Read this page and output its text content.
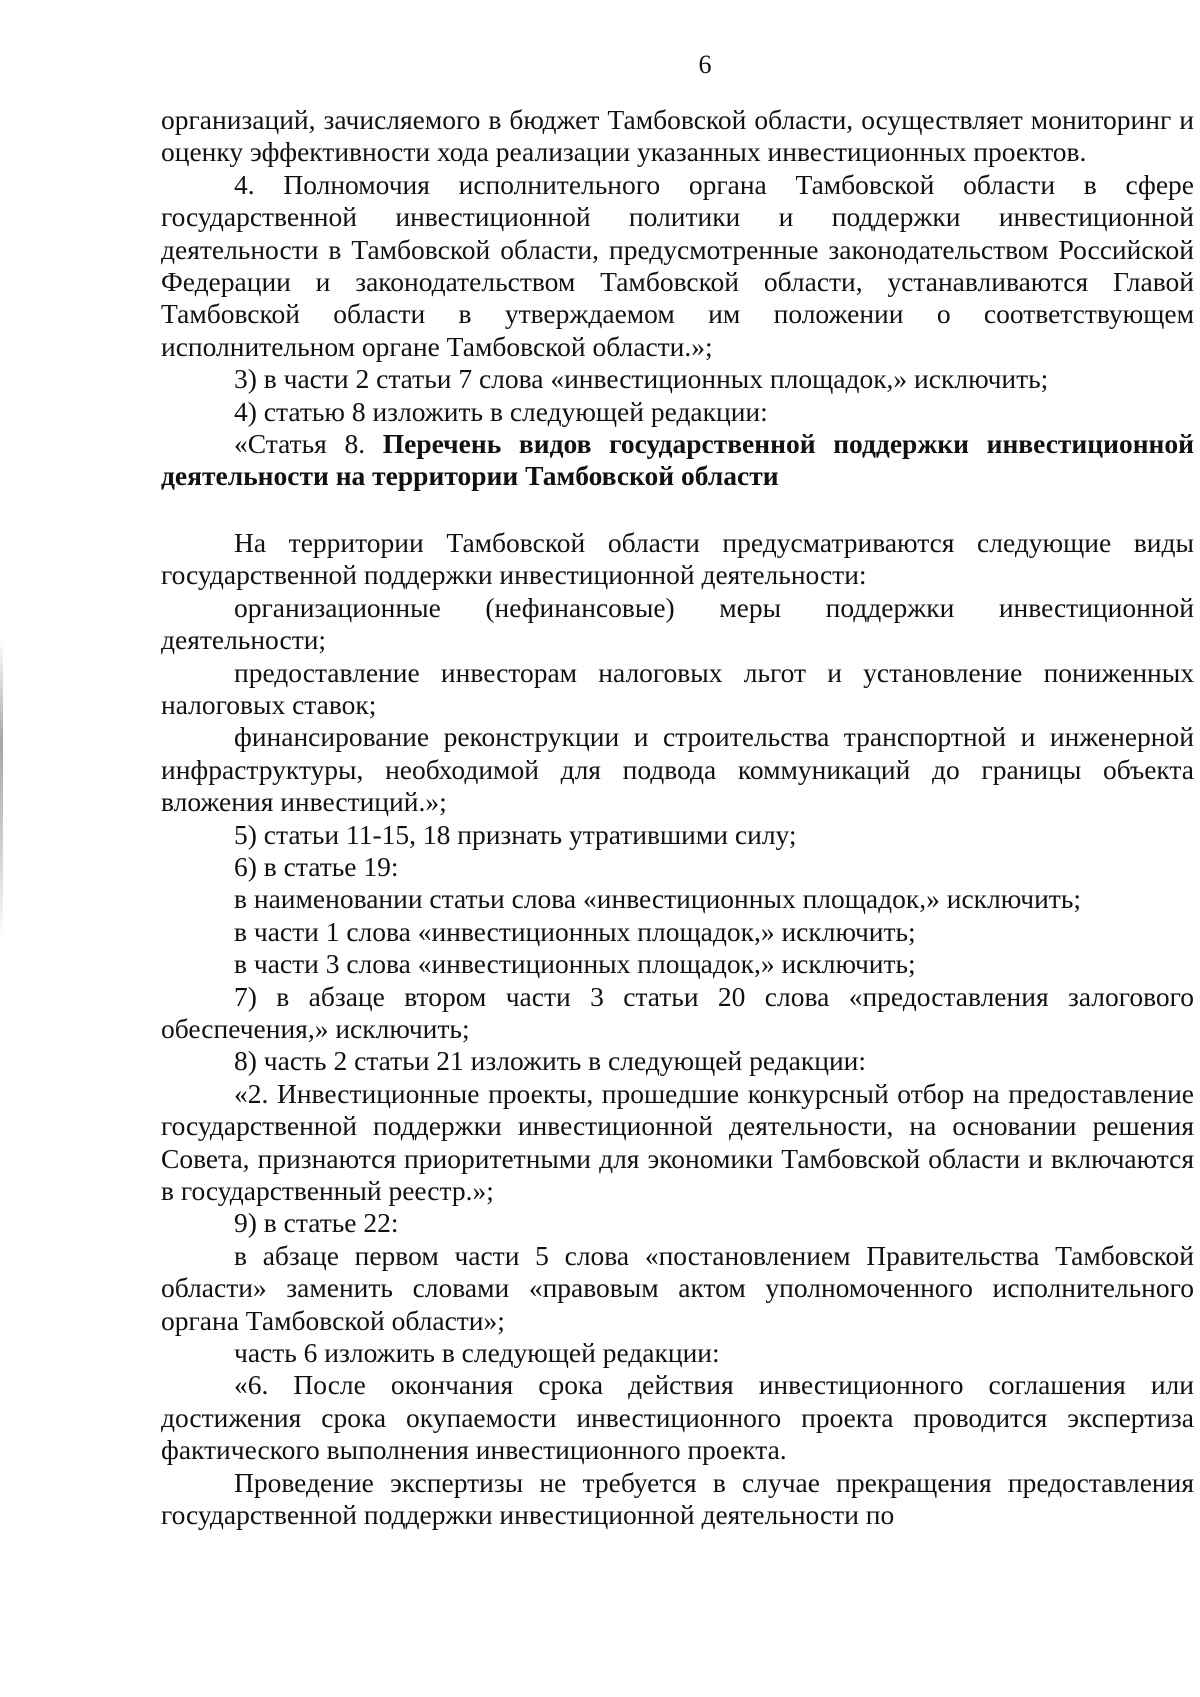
6

организаций, зачисляемого в бюджет Тамбовской области, осуществляет мониторинг и оценку эффективности хода реализации указанных инвестиционных проектов.

4. Полномочия исполнительного органа Тамбовской области в сфере государственной инвестиционной политики и поддержки инвестиционной деятельности в Тамбовской области, предусмотренные законодательством Российской Федерации и законодательством Тамбовской области, устанавливаются Главой Тамбовской области в утверждаемом им положении о соответствующем исполнительном органе Тамбовской области.»;

3) в части 2 статьи 7 слова «инвестиционных площадок,» исключить;

4) статью 8 изложить в следующей редакции:

«Статья 8. Перечень видов государственной поддержки инвестиционной деятельности на территории Тамбовской области

На территории Тамбовской области предусматриваются следующие виды государственной поддержки инвестиционной деятельности:

организационные (нефинансовые) меры поддержки инвестиционной деятельности;

предоставление инвесторам налоговых льгот и установление пониженных налоговых ставок;

финансирование реконструкции и строительства транспортной и инженерной инфраструктуры, необходимой для подвода коммуникаций до границы объекта вложения инвестиций.»;

5) статьи 11-15, 18 признать утратившими силу;

6) в статье 19:

в наименовании статьи слова «инвестиционных площадок,» исключить;

в части 1 слова «инвестиционных площадок,» исключить;

в части 3 слова «инвестиционных площадок,» исключить;

7) в абзаце втором части 3 статьи 20 слова «предоставления залогового обеспечения,» исключить;

8) часть 2 статьи 21 изложить в следующей редакции:

«2. Инвестиционные проекты, прошедшие конкурсный отбор на предоставление государственной поддержки инвестиционной деятельности, на основании решения Совета, признаются приоритетными для экономики Тамбовской области и включаются в государственный реестр.»;

9) в статье 22:

в абзаце первом части 5 слова «постановлением Правительства Тамбовской области» заменить словами «правовым актом уполномоченного исполнительного органа Тамбовской области»;

часть 6 изложить в следующей редакции:

«6. После окончания срока действия инвестиционного соглашения или достижения срока окупаемости инвестиционного проекта проводится экспертиза фактического выполнения инвестиционного проекта.

Проведение экспертизы не требуется в случае прекращения предоставления государственной поддержки инвестиционной деятельности по
